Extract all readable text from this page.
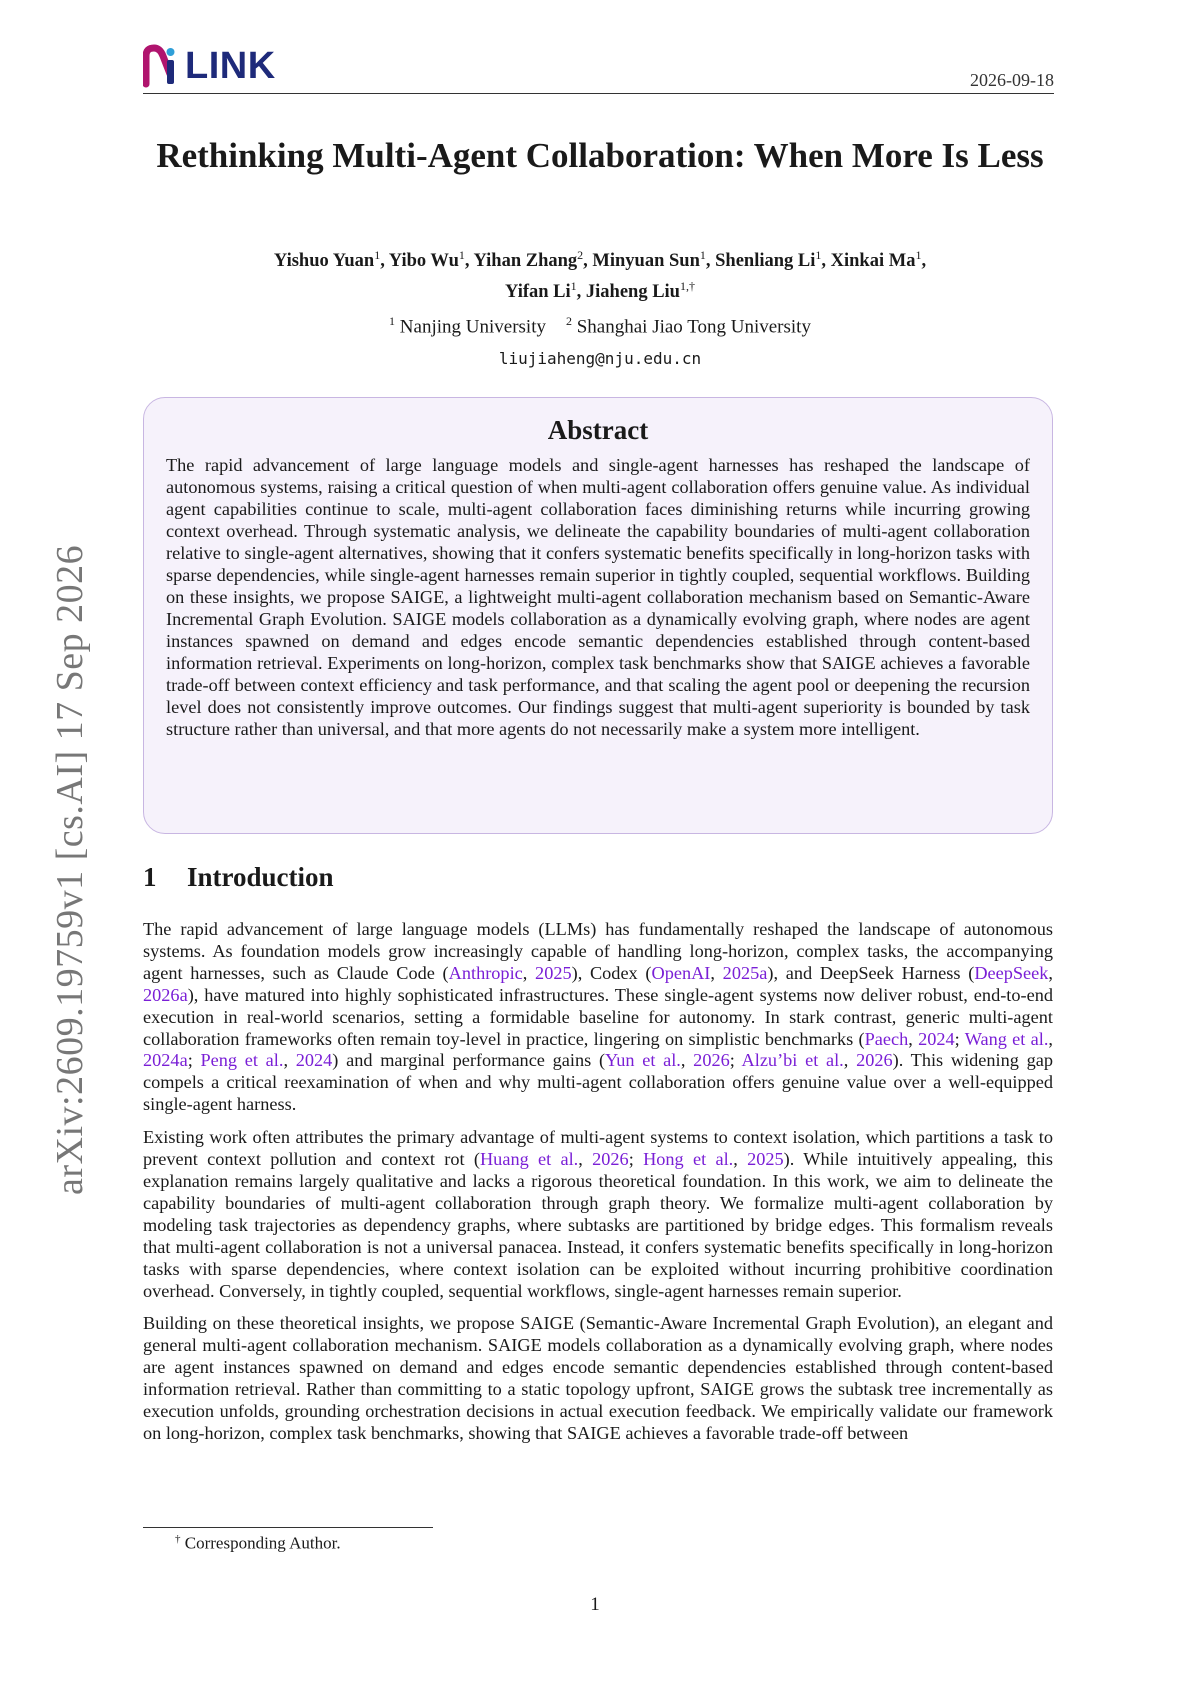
LINK	2026-09-18
arXiv:2609.19759v1 [cs.AI] 17 Sep 2026
Rethinking Multi-Agent Collaboration: When More Is Less
Yishuo Yuan$^1$, Yibo Wu$^1$, Yihan Zhang$^2$, Minyuan Sun$^1$, Shenliang Li$^1$, Xinkai Ma$^1$,
Yifan Li$^1$, Jiaheng Liu$^{1,\dagger}$
$^1$ Nanjing University $^2$ Shanghai Jiao Tong University
liujiaheng@nju.edu.cn
Abstract

The rapid advancement of large language models and single-agent harnesses has reshaped the landscape of autonomous systems, raising a critical question of when multi-agent collaboration offers genuine value. As individual agent capabilities continue to scale, multi-agent collaboration faces diminishing returns while incurring growing context overhead. Through systematic analysis, we delineate the capability boundaries of multi-agent collaboration relative to single-agent alternatives, showing that it confers systematic benefits specifically in long-horizon tasks with sparse dependencies, while single-agent harnesses remain superior in tightly coupled, sequential workflows. Building on these insights, we propose SAIGE, a lightweight multi-agent collaboration mechanism based on Semantic-Aware Incremental Graph Evolution. SAIGE models collaboration as a dynamically evolving graph, where nodes are agent instances spawned on demand and edges encode semantic dependencies established through content-based information retrieval. Experiments on long-horizon, complex task benchmarks show that SAIGE achieves a favorable trade-off between context efficiency and task performance, and that scaling the agent pool or deepening the recursion level does not consistently improve outcomes. Our findings suggest that multi-agent superiority is bounded by task structure rather than universal, and that more agents do not necessarily make a system more intelligent.

1 Introduction

The rapid advancement of large language models (LLMs) has fundamentally reshaped the landscape of autonomous systems. As foundation models grow increasingly capable of handling long-horizon, complex tasks, the accompanying agent harnesses, such as Claude Code (Anthropic, 2025), Codex (OpenAI, 2025a), and DeepSeek Harness (DeepSeek, 2026a), have matured into highly sophisticated infrastructures. These single-agent systems now deliver robust, end-to-end execution in real-world scenarios, setting a formidable baseline for autonomy. In stark contrast, generic multi-agent collaboration frameworks often remain toy-level in practice, lingering on simplistic benchmarks (Paech, 2024; Wang et al., 2024a; Peng et al., 2024) and marginal performance gains (Yun et al., 2026; Alzu’bi et al., 2026). This widening gap compels a critical reexamination of when and why multi-agent collaboration offers genuine value over a well-equipped single-agent harness.

Existing work often attributes the primary advantage of multi-agent systems to context isolation, which partitions a task to prevent context pollution and context rot (Huang et al., 2026; Hong et al., 2025). While intuitively appealing, this explanation remains largely qualitative and lacks a rigorous theoretical foundation. In this work, we aim to delineate the capability boundaries of multi-agent collaboration through graph theory. We formalize multi-agent collaboration by modeling task trajectories as dependency graphs, where subtasks are partitioned by bridge edges. This formalism reveals that multi-agent collaboration is not a universal panacea. Instead, it confers systematic benefits specifically in long-horizon tasks with sparse dependencies, where context isolation can be exploited without incurring prohibitive coordination overhead. Conversely, in tightly coupled, sequential workflows, single-agent harnesses remain superior.

Building on these theoretical insights, we propose SAIGE (Semantic-Aware Incremental Graph Evolution), an elegant and general multi-agent collaboration mechanism. SAIGE models collaboration as a dynamically evolving graph, where nodes are agent instances spawned on demand and edges encode semantic dependencies established through content-based information retrieval. Rather than committing to a static topology upfront, SAIGE grows the subtask tree incrementally as execution unfolds, grounding orchestration decisions in actual execution feedback. We empirically validate our framework on long-horizon, complex task benchmarks, showing that SAIGE achieves a favorable trade-off between

† Corresponding Author.
1
